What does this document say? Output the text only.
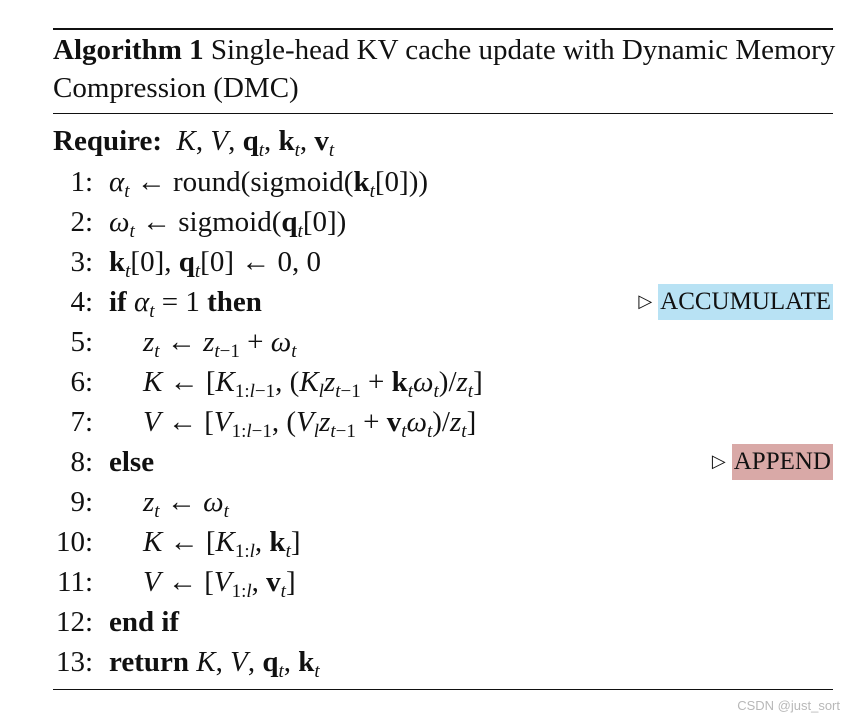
Algorithm 1 Single-head KV cache update with Dynamic Memory Compression (DMC)
Require: K, V, $q_t$, $k_t$, $v_t$
1: $\alpha_t$ ← $round(sigmoid(k_t[0]))$
2: $\omega_t$ ← $sigmoid(q_t[0])$
3: $k_t[0]$, $q_t[0]$ ← 0, 0
4: if $\alpha_t = 1$ then	▷ ACCUMULATE
5: $z_t$ ← $z_{t-1} + \omega_t$
6: K ← [$K_{1:l-1}$, $(K_lz_{t-1} + k_t\omega_t)/z_t$]
7: V ← [$V_{1:l-1}$, $(V_lz_{t-1} + v_t\omega_t)/z_t$]
8: else	▷ APPEND
9: $z_t$ ← $\omega_t$
10: K ← [$K_{1:l}$, $k_t$]
11: V ← [$V_{1:l}$, $v_t$]
12: end if
13: return K, V, $q_t$, $k_t$
CSDN @just_sort
